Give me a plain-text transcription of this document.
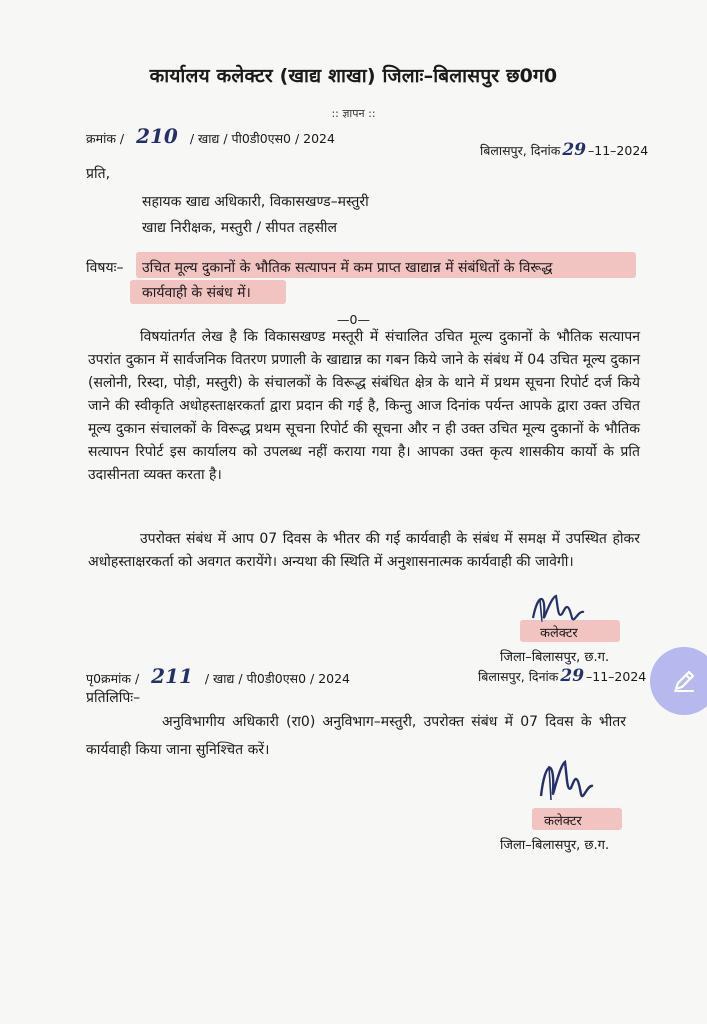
कार्यालय कलेक्टर (खाद्य शाखा) जिलाः–बिलासपुर छ0ग0
:: ज्ञापन ::
क्रमांक / 210 / खाद्य / पी0डी0एस0 / 2024
बिलासपुर, दिनांक 29 –11–2024
प्रति,
सहायक खाद्य अधिकारी, विकासखण्ड–मस्तुरी
खाद्य निरीक्षक, मस्तुरी / सीपत तहसील
विषयः– उचित मूल्य दुकानों के भौतिक सत्यापन में कम प्राप्त खाद्यान्न में संबंधितों के विरूद्ध
कार्यवाही के संबंध में।
—0—
विषयांतर्गत लेख है कि विकासखण्ड मस्तूरी में संचालित उचित मूल्य दुकानों के भौतिक सत्यापन उपरांत दुकान में सार्वजनिक वितरण प्रणाली के खाद्यान्न का गबन किये जाने के संबंध में 04 उचित मूल्य दुकान (सलोनी, रिस्दा, पोड़ी, मस्तुरी) के संचालकों के विरूद्ध संबंधित क्षेत्र के थाने में प्रथम सूचना रिपोर्ट दर्ज किये जाने की स्वीकृति अधोहस्ताक्षरकर्ता द्वारा प्रदान की गई है, किन्तु आज दिनांक पर्यन्त आपके द्वारा उक्त उचित मूल्य दुकान संचालकों के विरूद्ध प्रथम सूचना रिपोर्ट की सूचना और न ही उक्त उचित मूल्य दुकानों के भौतिक सत्यापन रिपोर्ट इस कार्यालय को उपलब्ध नहीं कराया गया है। आपका उक्त कृत्य शासकीय कार्यो के प्रति उदासीनता व्यक्त करता है।
उपरोक्त संबंध में आप 07 दिवस के भीतर की गई कार्यवाही के संबंध में समक्ष में उपस्थित होकर अधोहस्ताक्षरकर्ता को अवगत करायेंगे। अन्यथा की स्थिति में अनुशासनात्मक कार्यवाही की जावेगी।
कलेक्टर
जिला–बिलासपुर, छ.ग.
पृ0क्रमांक / 211 / खाद्य / पी0डी0एस0 / 2024	बिलासपुर, दिनांक 29 –11–2024
प्रतिलिपिः–
अनुविभागीय अधिकारी (रा0) अनुविभाग–मस्तुरी, उपरोक्त संबंध में 07 दिवस के भीतर कार्यवाही किया जाना सुनिश्चित करें।
कलेक्टर
जिला–बिलासपुर, छ.ग.
